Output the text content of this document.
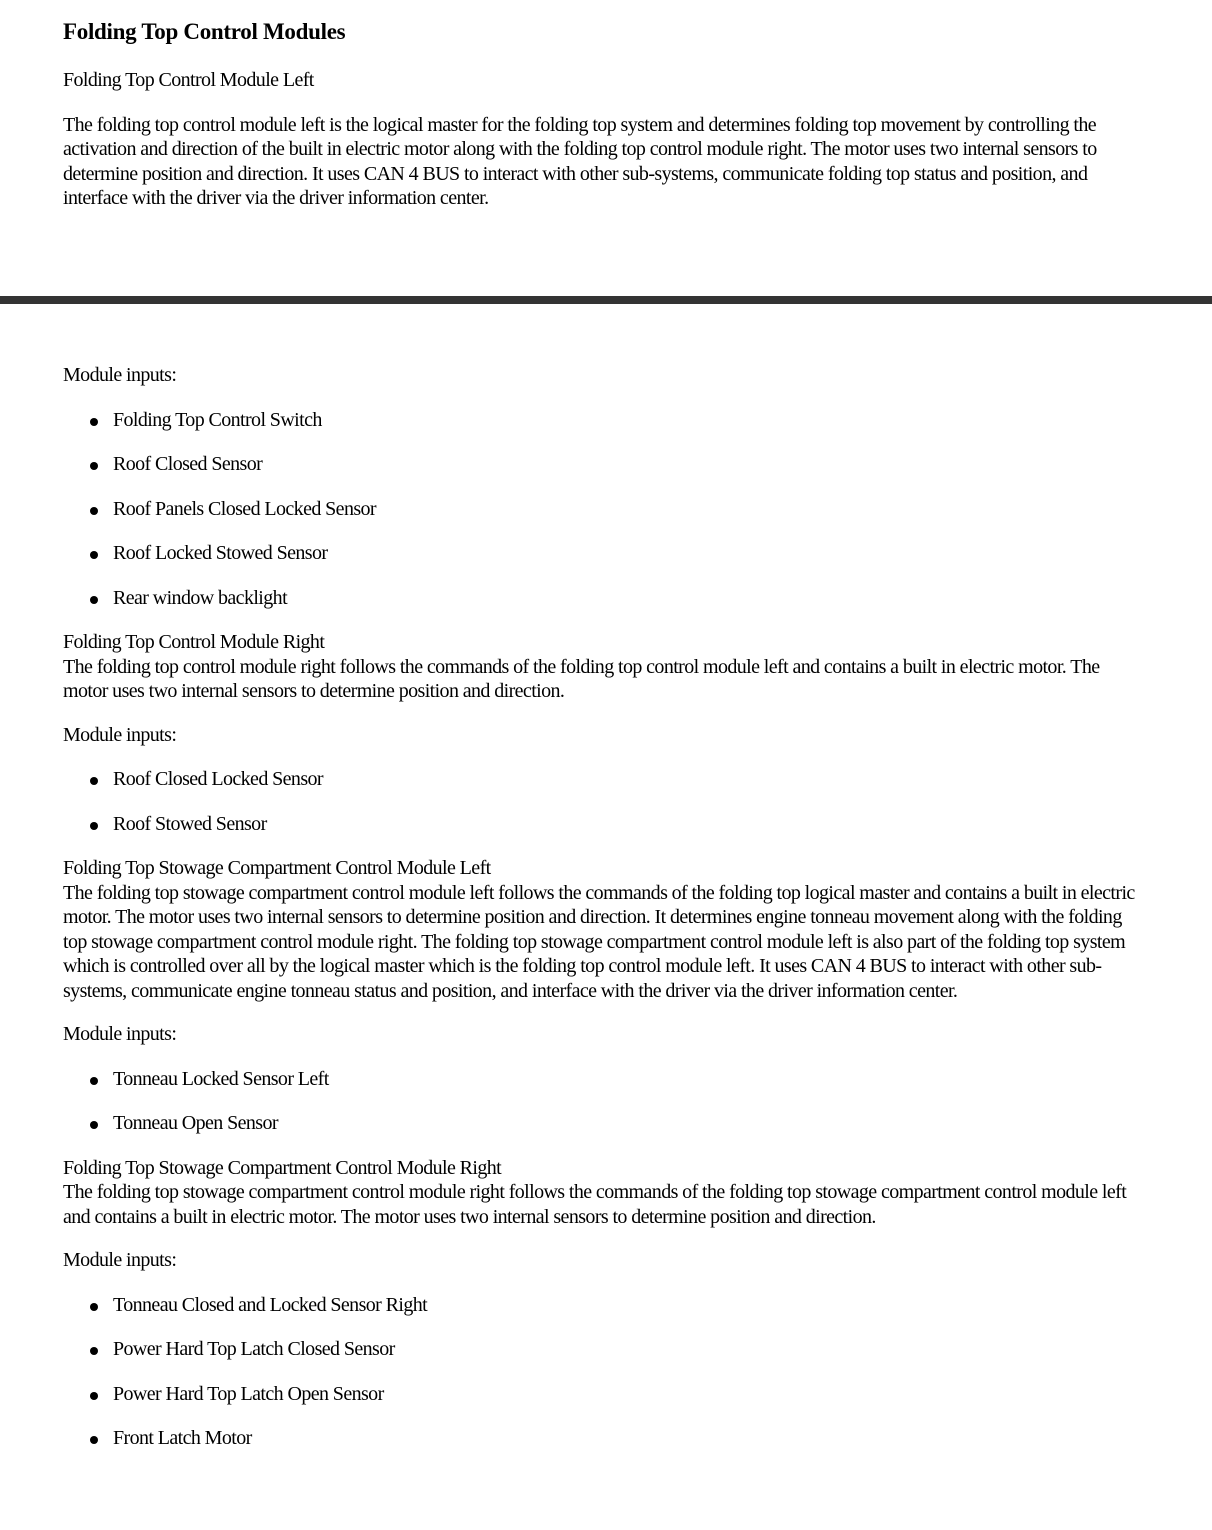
Folding Top Control Modules

Folding Top Control Module Left

The folding top control module left is the logical master for the folding top system and determines folding top movement by controlling the activation and direction of the built in electric motor along with the folding top control module right. The motor uses two internal sensors to determine position and direction. It uses CAN 4 BUS to interact with other sub-systems, communicate folding top status and position, and interface with the driver via the driver information center.

Module inputs:

Folding Top Control Switch
Roof Closed Sensor
Roof Panels Closed Locked Sensor
Roof Locked Stowed Sensor
Rear window backlight

Folding Top Control Module Right

The folding top control module right follows the commands of the folding top control module left and contains a built in electric motor. The motor uses two internal sensors to determine position and direction.

Module inputs:

Roof Closed Locked Sensor
Roof Stowed Sensor

Folding Top Stowage Compartment Control Module Left

The folding top stowage compartment control module left follows the commands of the folding top logical master and contains a built in electric motor. The motor uses two internal sensors to determine position and direction. It determines engine tonneau movement along with the folding top stowage compartment control module right. The folding top stowage compartment control module left is also part of the folding top system which is controlled over all by the logical master which is the folding top control module left. It uses CAN 4 BUS to interact with other sub-systems, communicate engine tonneau status and position, and interface with the driver via the driver information center.

Module inputs:

Tonneau Locked Sensor Left
Tonneau Open Sensor

Folding Top Stowage Compartment Control Module Right

The folding top stowage compartment control module right follows the commands of the folding top stowage compartment control module left and contains a built in electric motor. The motor uses two internal sensors to determine position and direction.

Module inputs:

Tonneau Closed and Locked Sensor Right
Power Hard Top Latch Closed Sensor
Power Hard Top Latch Open Sensor
Front Latch Motor
